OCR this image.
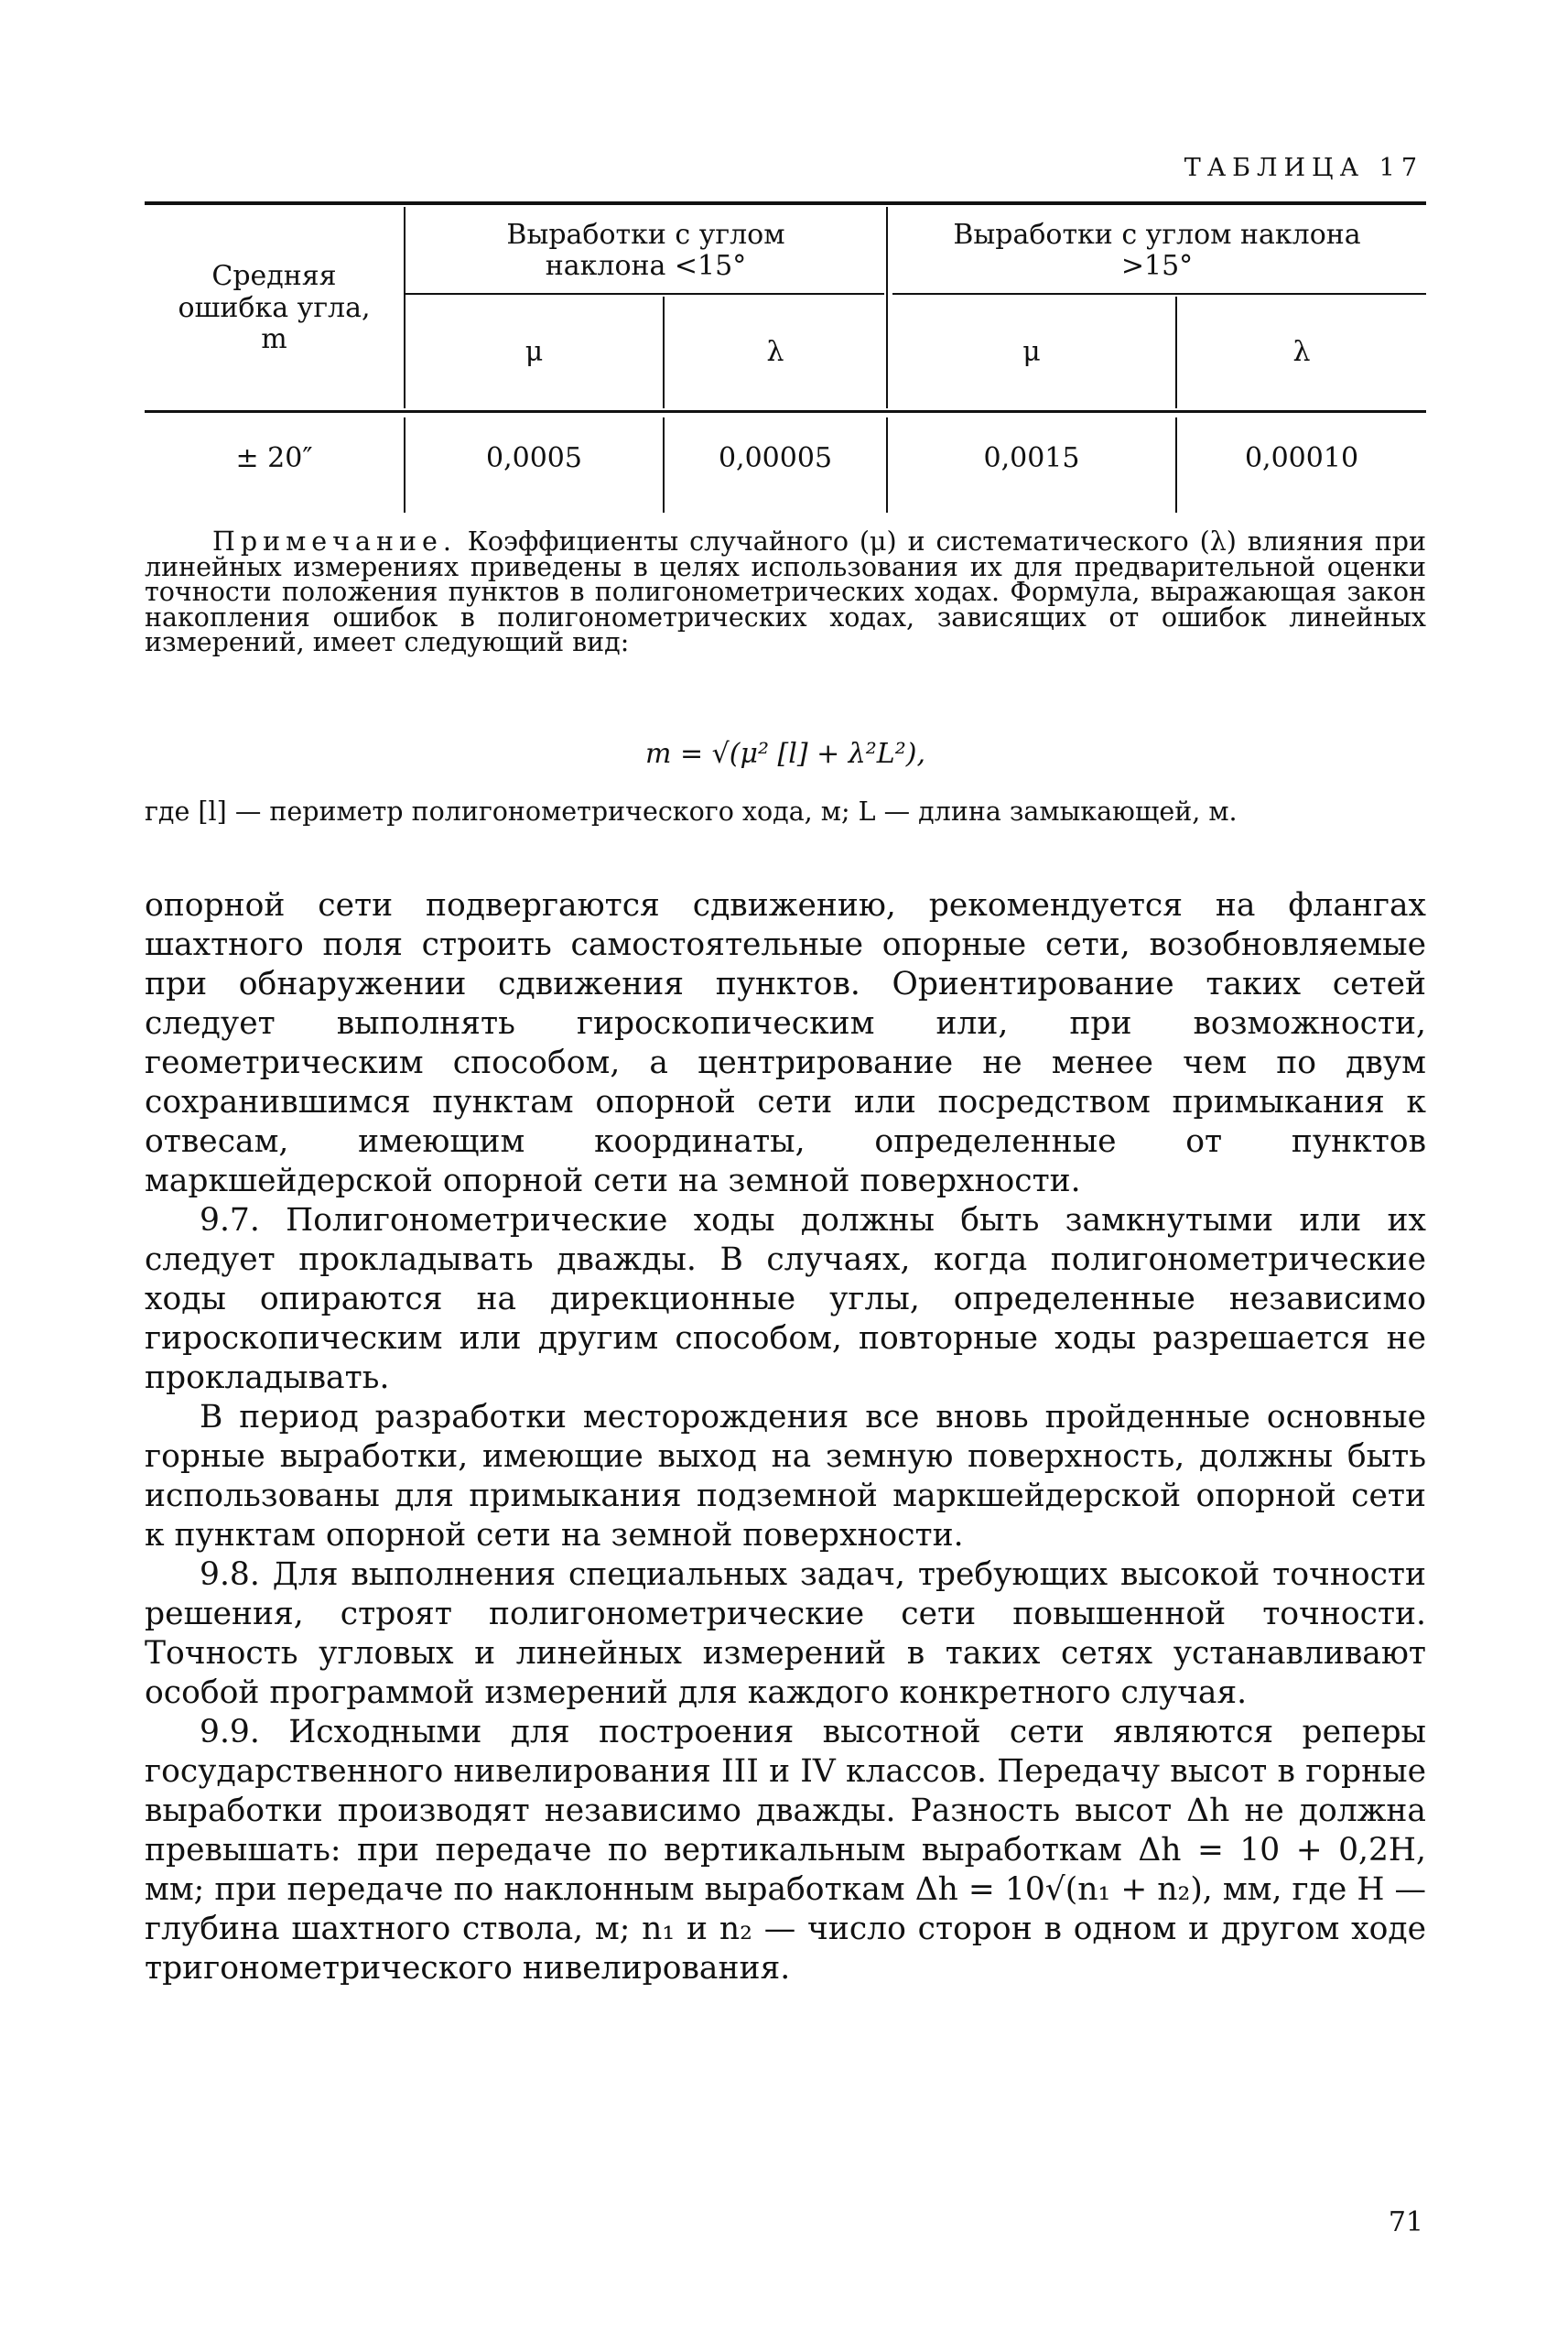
ТАБЛИЦА 17
Средняя ошибка угла, m
Выработки с углом наклона <15°
Выработки с углом наклона >15°
μ	λ	μ	λ
± 20″	0,0005	0,00005	0,0015	0,00010
Примечание. Коэффициенты случайного (μ) и систематического (λ) влияния при линейных измерениях приведены в целях использования их для предварительной оценки точности положения пунктов в полигонометрических ходах. Формула, выражающая закон накопления ошибок в полигонометрических ходах, зависящих от ошибок линейных измерений, имеет следующий вид:
m = √(μ² [l] + λ²L²),
где [l] — периметр полигонометрического хода, м; L — длина замыкающей, м.

опорной сети подвергаются сдвижению, рекомендуется на флангах шахтного поля строить самостоятельные опорные сети, возобновляемые при обнаружении сдвижения пунктов. Ориентирование таких сетей следует выполнять гироскопическим или, при возможности, геометрическим способом, а центрирование не менее чем по двум сохранившимся пунктам опорной сети или посредством примыкания к отвесам, имеющим координаты, определенные от пунктов маркшейдерской опорной сети на земной поверхности.

9.7. Полигонометрические ходы должны быть замкнутыми или их следует прокладывать дважды. В случаях, когда полигонометрические ходы опираются на дирекционные углы, определенные независимо гироскопическим или другим способом, повторные ходы разрешается не прокладывать.

В период разработки месторождения все вновь пройденные основные горные выработки, имеющие выход на земную поверхность, должны быть использованы для примыкания подземной маркшейдерской опорной сети к пунктам опорной сети на земной поверхности.

9.8. Для выполнения специальных задач, требующих высокой точности решения, строят полигонометрические сети повышенной точности. Точность угловых и линейных измерений в таких сетях устанавливают особой программой измерений для каждого конкретного случая.

9.9. Исходными для построения высотной сети являются реперы государственного нивелирования III и IV классов. Передачу высот в горные выработки производят независимо дважды. Разность высот Δh не должна превышать: при передаче по вертикальным выработкам Δh = 10 + 0,2H, мм; при передаче по наклонным выработкам Δh = 10√(n₁ + n₂), мм, где H — глубина шахтного ствола, м; n₁ и n₂ — число сторон в одном и другом ходе тригонометрического нивелирования.

71
